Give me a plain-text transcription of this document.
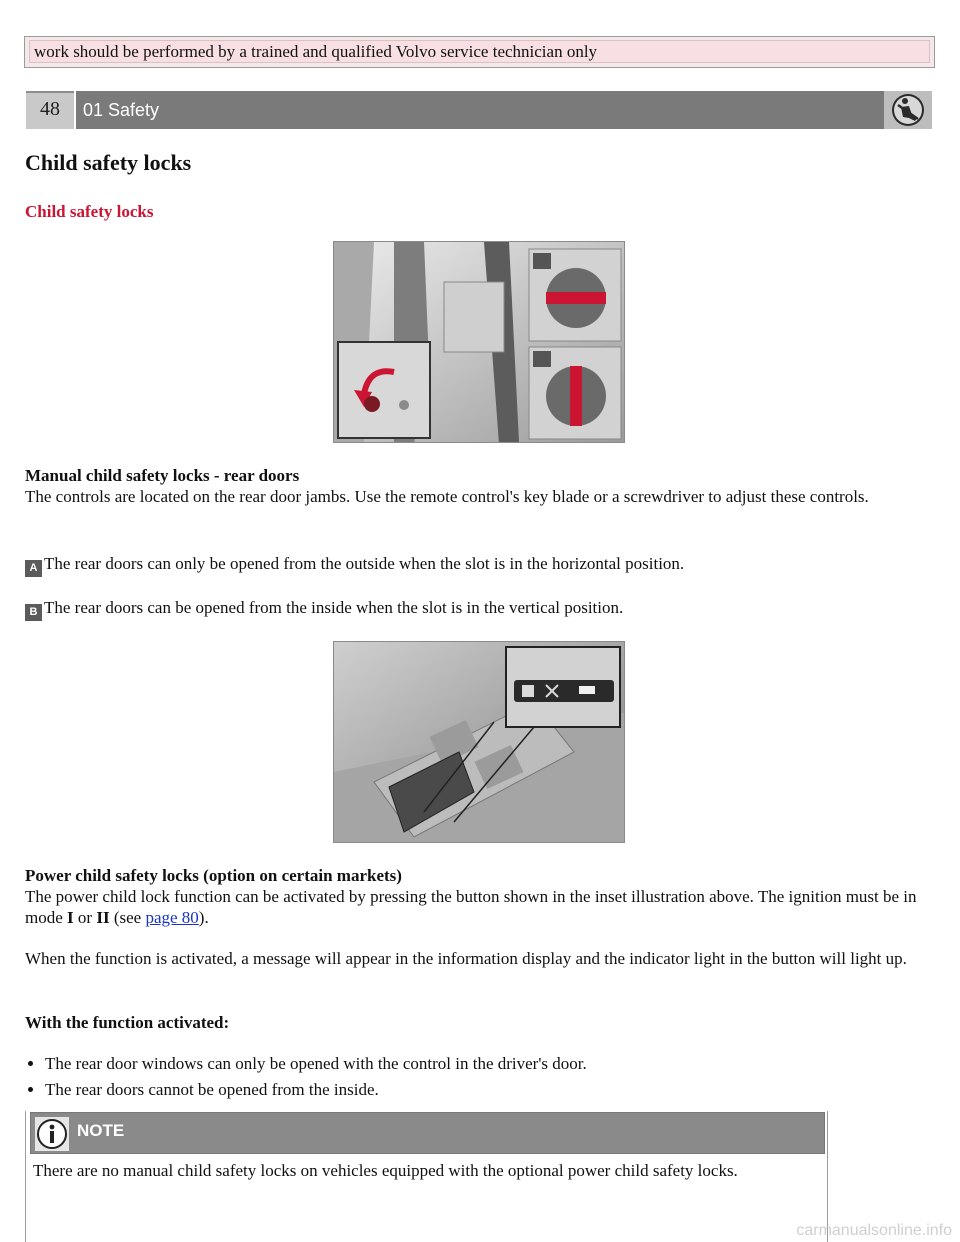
work should be performed by a trained and qualified Volvo service technician only
48	01 Safety
Child safety locks
Child safety locks

Manual child safety locks - rear doors
The controls are located on the rear door jambs. Use the remote control's key blade or a screwdriver to adjust these controls.

A The rear doors can only be opened from the outside when the slot is in the horizontal position.

B The rear doors can be opened from the inside when the slot is in the vertical position.

Power child safety locks (option on certain markets)
The power child lock function can be activated by pressing the button shown in the inset illustration above. The ignition must be in mode I or II (see page 80).

When the function is activated, a message will appear in the information display and the indicator light in the button will light up.

With the function activated:

• The rear door windows can only be opened with the control in the driver's door.
• The rear doors cannot be opened from the inside.
NOTE
There are no manual child safety locks on vehicles equipped with the optional power child safety locks.
carmanualsonline.info
